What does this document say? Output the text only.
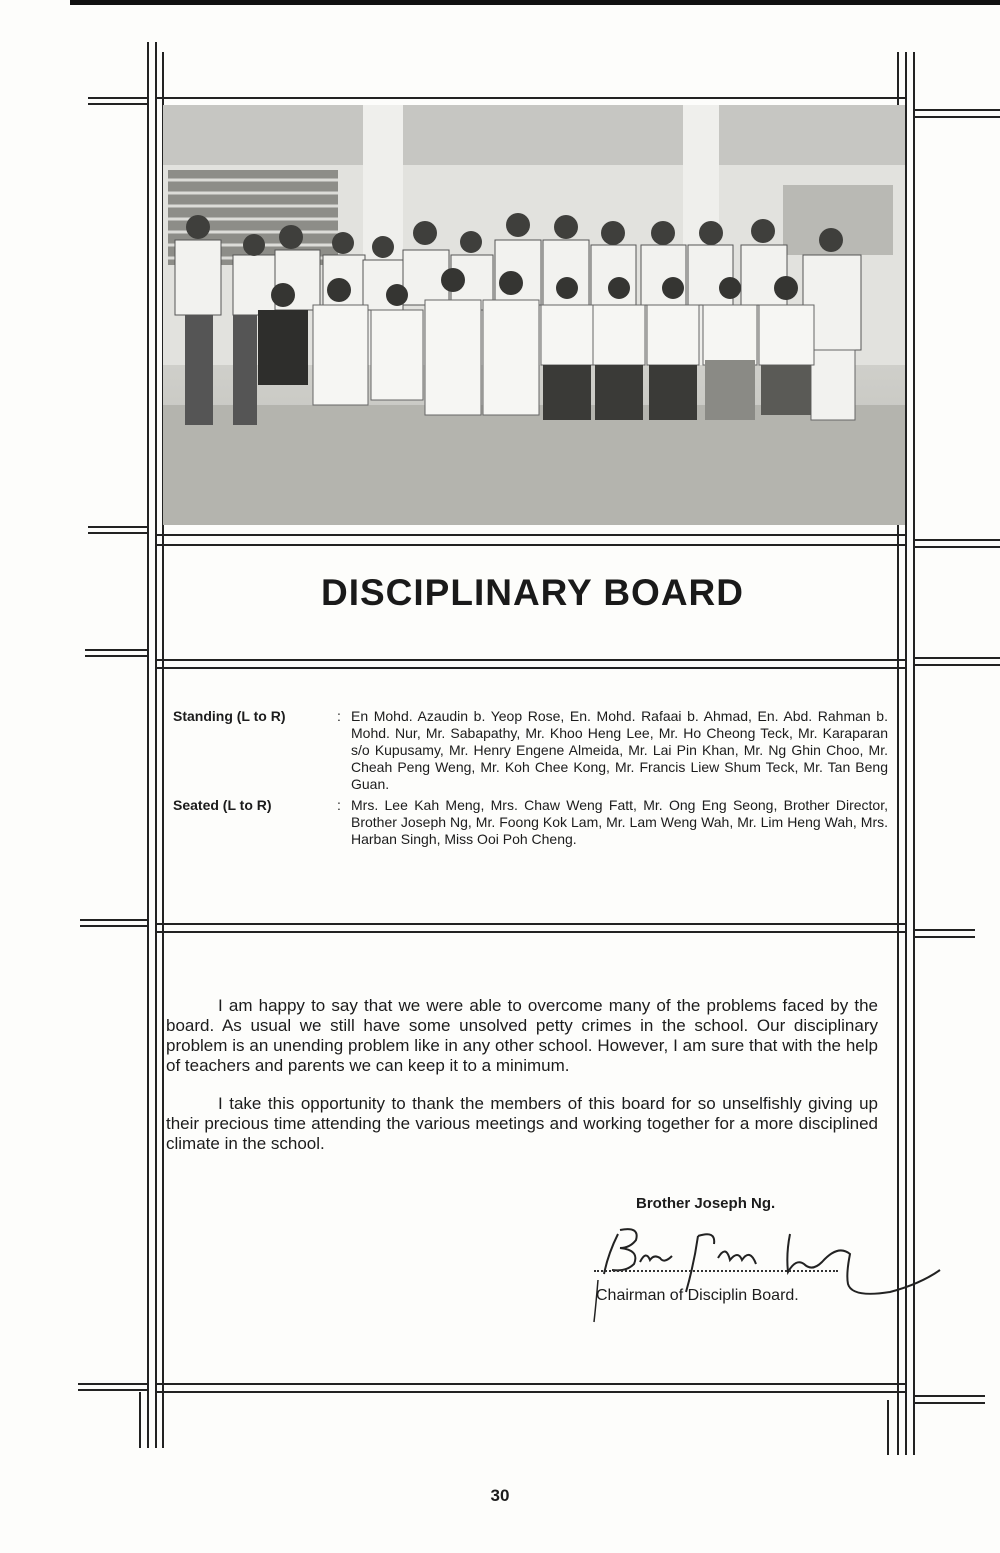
DISCIPLINARY BOARD
Standing (L to R)	: En Mohd. Azaudin b. Yeop Rose, En. Mohd. Rafaai b. Ahmad, En. Abd. Rahman b. Mohd. Nur, Mr. Sabapathy, Mr. Khoo Heng Lee, Mr. Ho Cheong Teck, Mr. Karaparan s/o Kupusamy, Mr. Henry Engene Almeida, Mr. Lai Pin Khan, Mr. Ng Ghin Choo, Mr. Cheah Peng Weng, Mr. Koh Chee Kong, Mr. Francis Liew Shum Teck, Mr. Tan Beng Guan.
Seated (L to R)	: Mrs. Lee Kah Meng, Mrs. Chaw Weng Fatt, Mr. Ong Eng Seong, Brother Director, Brother Joseph Ng, Mr. Foong Kok Lam, Mr. Lam Weng Wah, Mr. Lim Heng Wah, Mrs. Harban Singh, Miss Ooi Poh Cheng.

I am happy to say that we were able to overcome many of the problems faced by the board. As usual we still have some unsolved petty crimes in the school. Our disciplinary problem is an unending problem like in any other school. However, I am sure that with the help of teachers and parents we can keep it to a minimum.

I take this opportunity to thank the members of this board for so unselfishly giving up their precious time attending the various meetings and working together for a more disciplined climate in the school.

Brother Joseph Ng.
Chairman of Disciplin Board.
30
